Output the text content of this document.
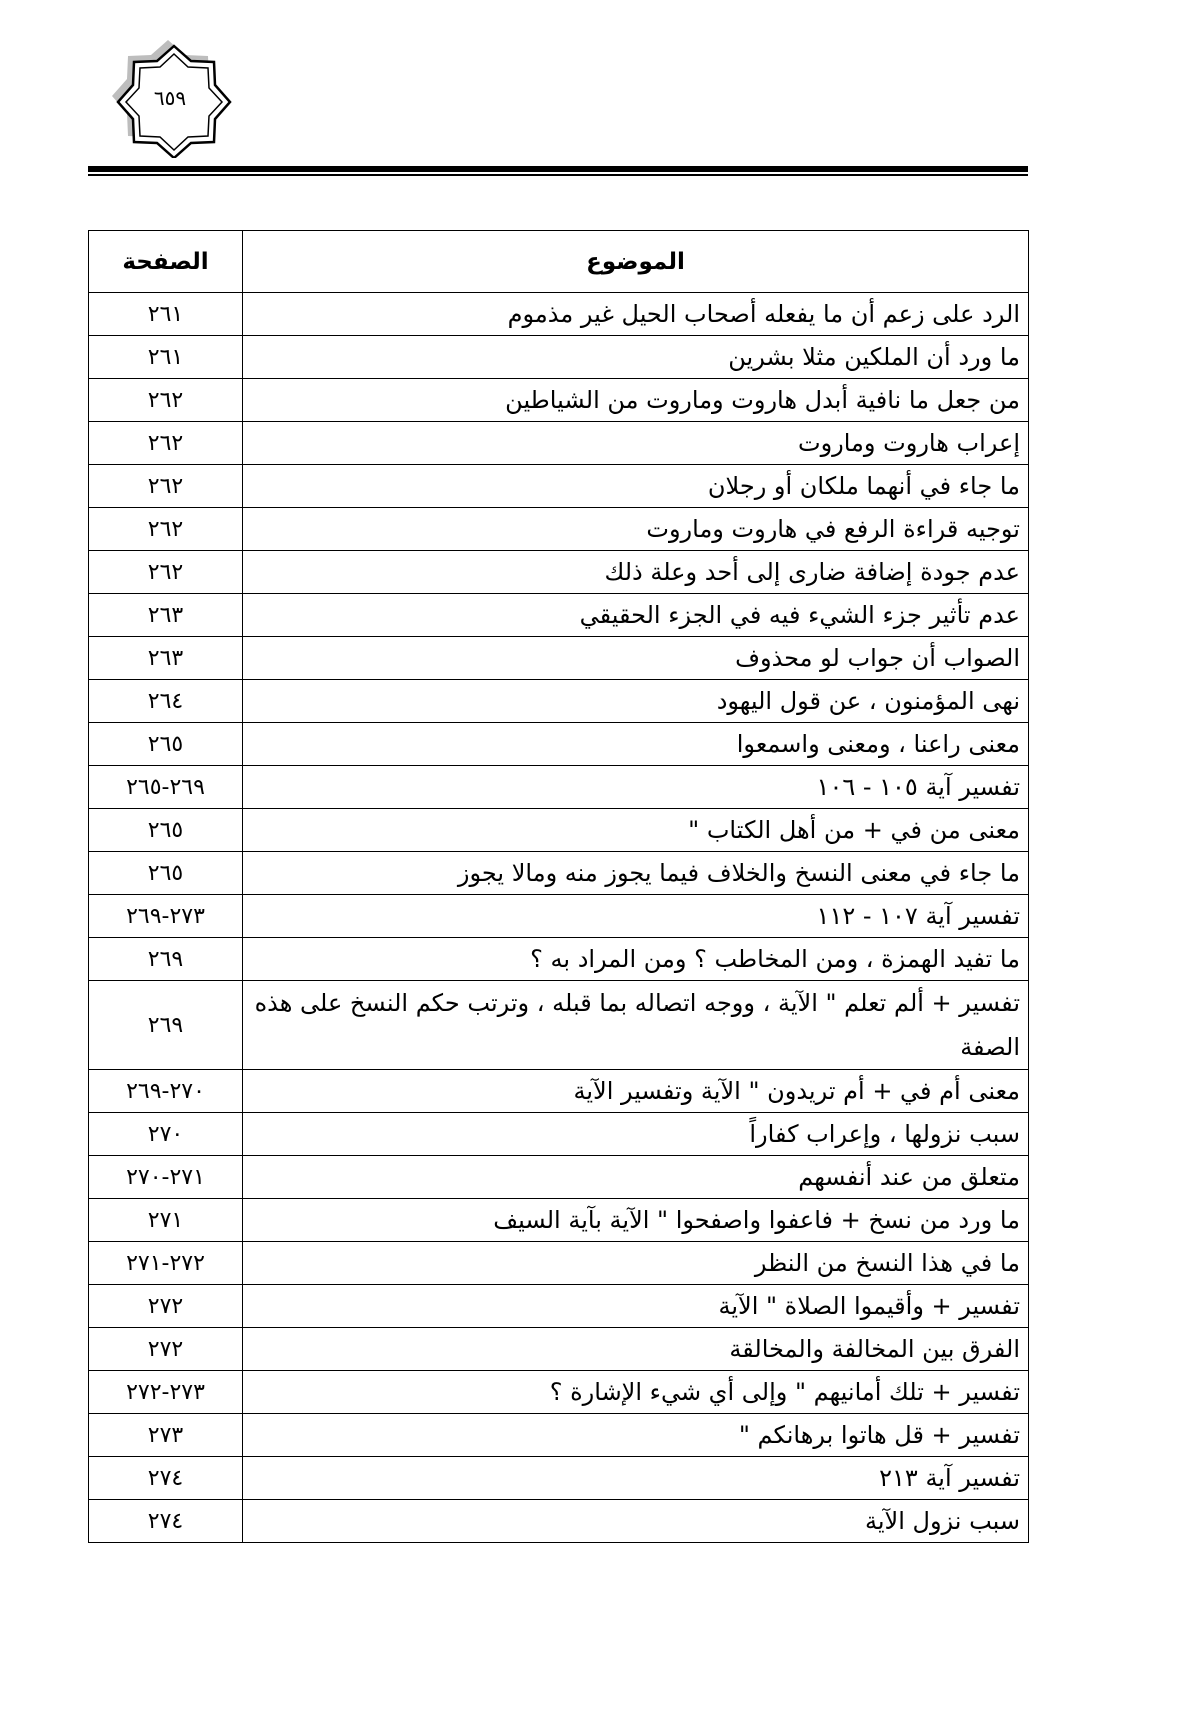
٦٥٩
الموضوع	الصفحة
الرد على زعم أن ما يفعله أصحاب الحيل غير مذموم	٢٦١
ما ورد أن الملكين مثلا بشرين	٢٦١
من جعل ما نافية أبدل هاروت وماروت من الشياطين	٢٦٢
إعراب هاروت وماروت	٢٦٢
ما جاء في أنهما ملكان أو رجلان	٢٦٢
توجيه قراءة الرفع في هاروت وماروت	٢٦٢
عدم جودة إضافة ضارى إلى أحد وعلة ذلك	٢٦٢
عدم تأثير جزء الشيء فيه في الجزء الحقيقي	٢٦٣
الصواب أن جواب لو محذوف	٢٦٣
نهى المؤمنون ، عن قول اليهود	٢٦٤
معنى راعنا ، ومعنى واسمعوا	٢٦٥
تفسير آية ١٠٥ - ١٠٦	٢٦٩-٢٦٥
معنى من في + من أهل الكتاب "	٢٦٥
ما جاء في معنى النسخ والخلاف فيما يجوز منه ومالا يجوز	٢٦٥
تفسير آية ١٠٧ - ١١٢	٢٧٣-٢٦٩
ما تفيد الهمزة ، ومن المخاطب ؟ ومن المراد به ؟	٢٦٩
تفسير + ألم تعلم " الآية ، ووجه اتصاله بما قبله ، وترتب حكم النسخ على هذه الصفة	٢٦٩
معنى أم في + أم تريدون " الآية وتفسير الآية	٢٧٠-٢٦٩
سبب نزولها ، وإعراب كفاراً	٢٧٠
متعلق من عند أنفسهم	٢٧١-٢٧٠
ما ورد من نسخ + فاعفوا واصفحوا " الآية بآية السيف	٢٧١
ما في هذا النسخ من النظر	٢٧٢-٢٧١
تفسير + وأقيموا الصلاة " الآية	٢٧٢
الفرق بين المخالفة والمخالقة	٢٧٢
تفسير + تلك أمانيهم " وإلى أي شيء الإشارة ؟	٢٧٣-٢٧٢
تفسير + قل هاتوا برهانكم "	٢٧٣
تفسير آية ٢١٣	٢٧٤
سبب نزول الآية	٢٧٤
